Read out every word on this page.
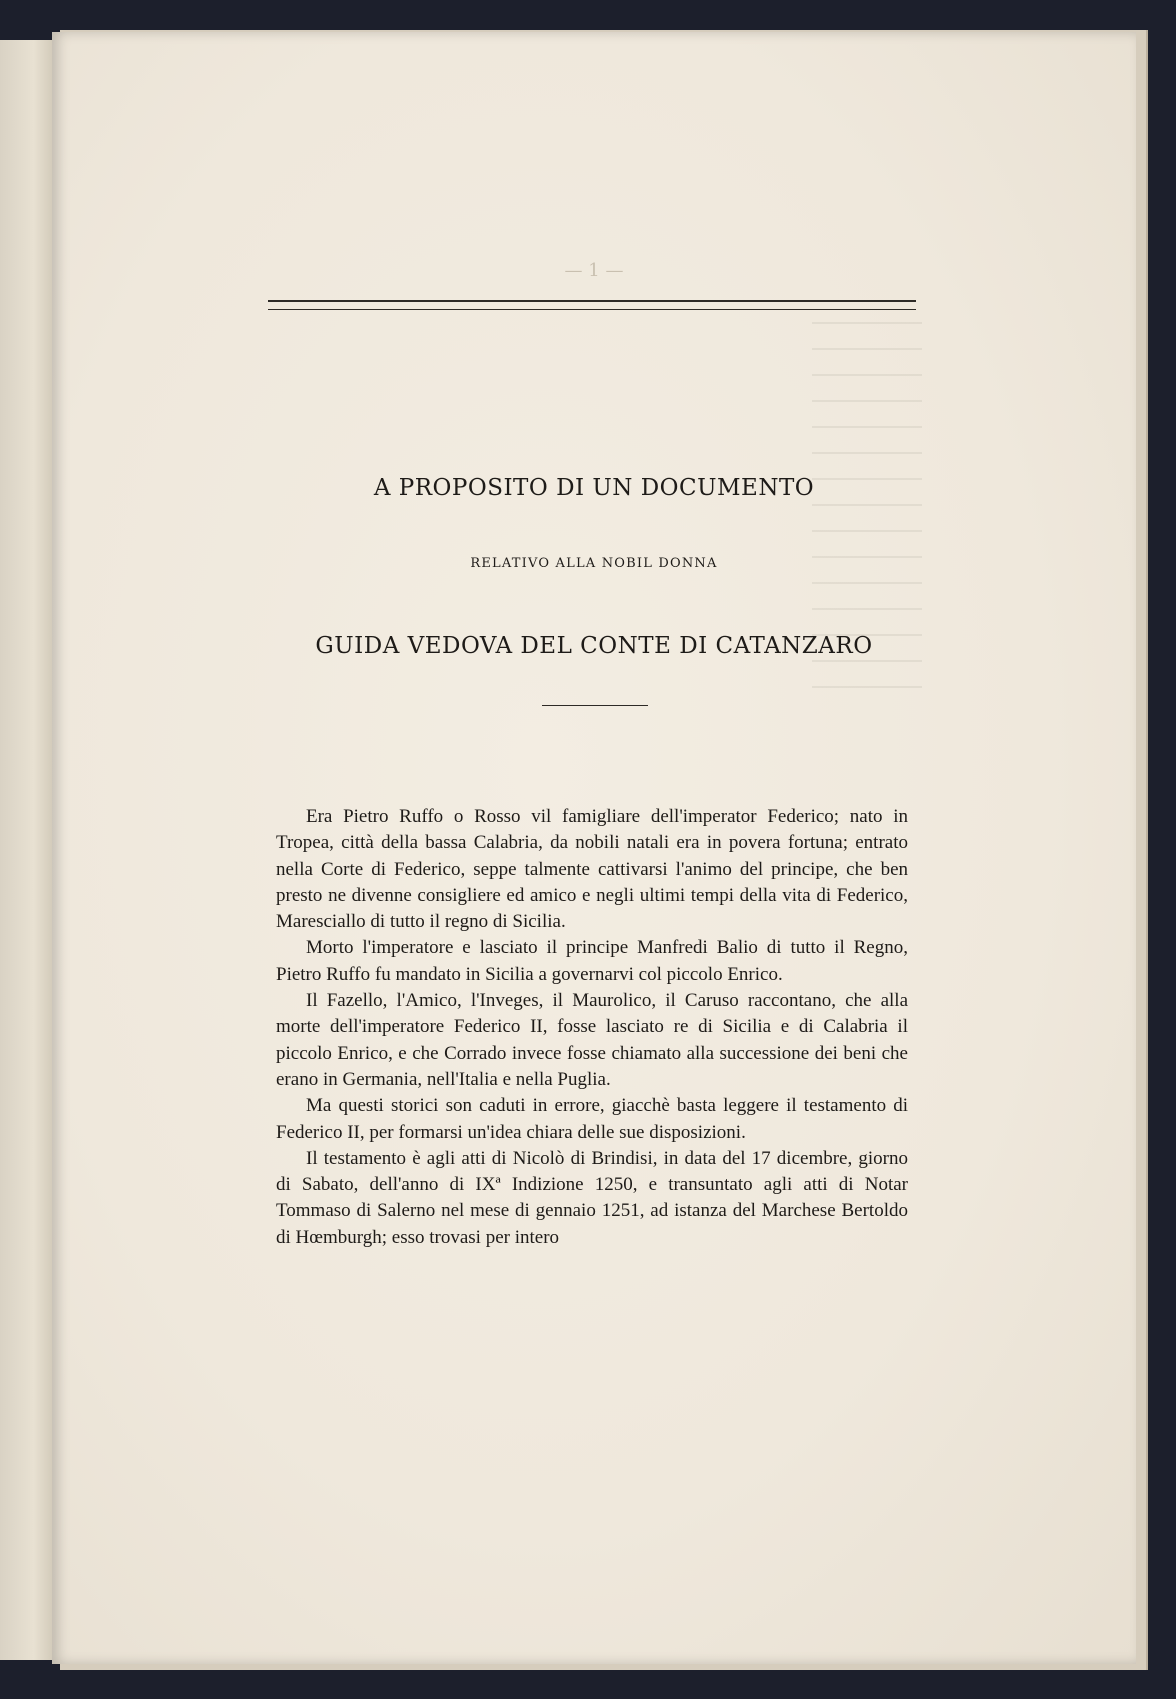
— 1 —
A PROPOSITO DI UN DOCUMENTO
RELATIVO ALLA NOBIL DONNA
GUIDA VEDOVA DEL CONTE DI CATANZARO

Era Pietro Ruffo o Rosso vil famigliare dell'imperator Federico; nato in Tropea, città della bassa Calabria, da nobili natali era in povera fortuna; entrato nella Corte di Federico, seppe talmente cattivarsi l'animo del principe, che ben presto ne divenne consigliere ed amico e negli ultimi tempi della vita di Federico, Maresciallo di tutto il regno di Sicilia.

Morto l'imperatore e lasciato il principe Manfredi Balio di tutto il Regno, Pietro Ruffo fu mandato in Sicilia a governarvi col piccolo Enrico.

Il Fazello, l'Amico, l'Inveges, il Maurolico, il Caruso raccontano, che alla morte dell'imperatore Federico II, fosse lasciato re di Sicilia e di Calabria il piccolo Enrico, e che Corrado invece fosse chiamato alla successione dei beni che erano in Germania, nell'Italia e nella Puglia.

Ma questi storici son caduti in errore, giacchè basta leggere il testamento di Federico II, per formarsi un'idea chiara delle sue disposizioni.

Il testamento è agli atti di Nicolò di Brindisi, in data del 17 dicembre, giorno di Sabato, dell'anno di IXª Indizione 1250, e transuntato agli atti di Notar Tommaso di Salerno nel mese di gennaio 1251, ad istanza del Marchese Bertoldo di Hœmburgh; esso trovasi per intero
